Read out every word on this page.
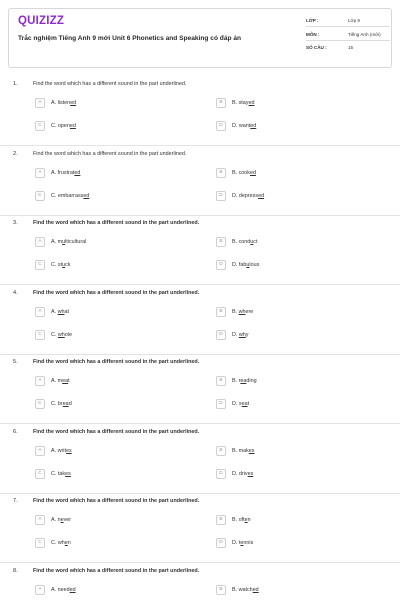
QUIZIZZ
Trắc nghiệm Tiếng Anh 9 mới Unit 6 Phonetics and Speaking có đáp án
LỚP :	Lớp 9
MÔN :	Tiếng Anh (mới)
SỐ CÂU :	15
1.	Find the word which has a different sound in the part underlined.
A	A. listened	B	B. stayed
C	C. opened	D	D. wanted
2.	Find the word which has a different sound in the part underlined.
A	A. frustrated	B	B. cooked
C	C. embarrassed	D	D. depressed
3.	Find the word which has a different sound in the part underlined.
A	A. multicultural	B	B. conduct
C	C. stuck	D	D. fabulous
4.	Find the word which has a different sound in the part underlined.
A	A. what	B	B. where
C	C. whole	D	D. why
5.	Find the word which has a different sound in the part underlined.
A	A. meat	B	B. reading
C	C. bread	D	D. seat
6.	Find the word which has a different sound in the part underlined.
A	A. writes	B	B. makes
C	C. takes	D	D. drives
7.	Find the word which has a different sound in the part underlined.
A	A. never	B	B. often
C	C. when	D	D. tennis
8.	Find the word which has a different sound in the part underlined.
A	A. needed	B	B. watched
